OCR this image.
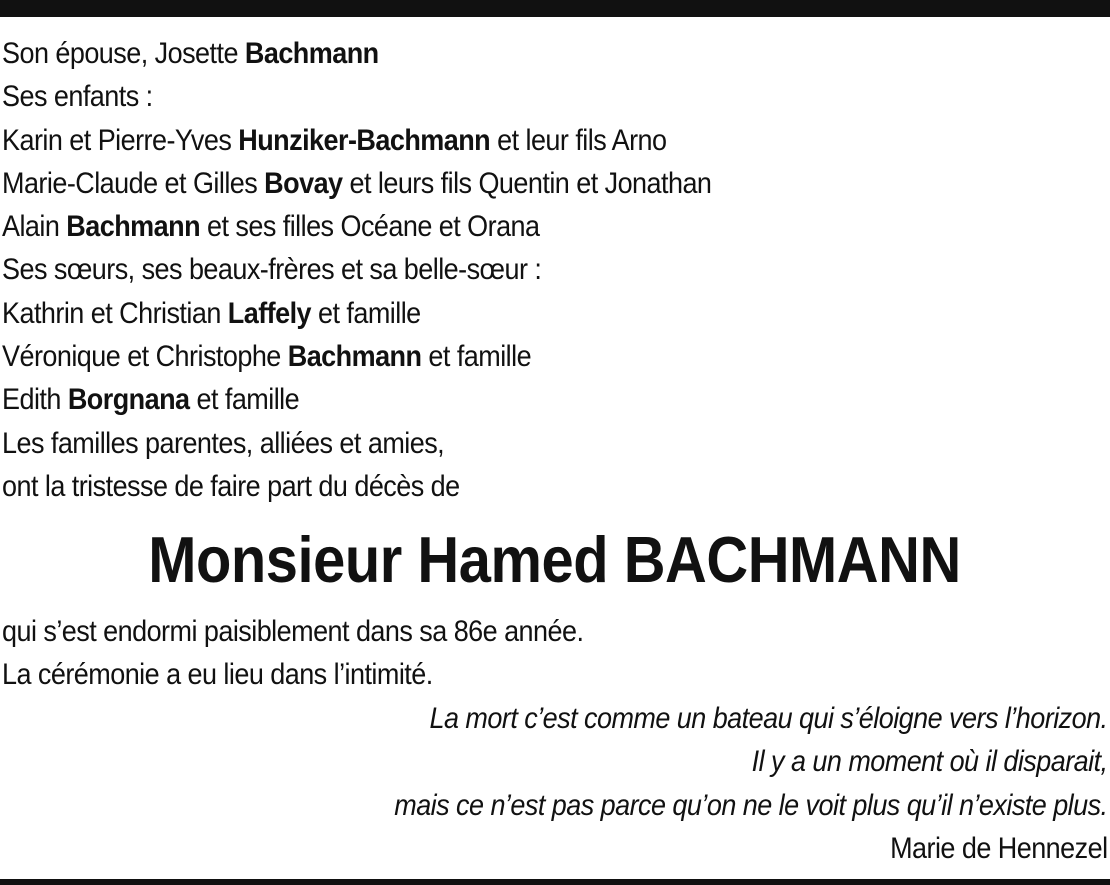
Son épouse, Josette Bachmann
Ses enfants :
Karin et Pierre-Yves Hunziker-Bachmann et leur fils Arno
Marie-Claude et Gilles Bovay et leurs fils Quentin et Jonathan
Alain Bachmann et ses filles Océane et Orana
Ses sœurs, ses beaux-frères et sa belle-sœur :
Kathrin et Christian Laffely et famille
Véronique et Christophe Bachmann et famille
Edith Borgnana et famille
Les familles parentes, alliées et amies,
ont la tristesse de faire part du décès de
Monsieur Hamed BACHMANN
qui s’est endormi paisiblement dans sa 86e année.
La cérémonie a eu lieu dans l’intimité.
La mort c’est comme un bateau qui s’éloigne vers l’horizon.
Il y a un moment où il disparait,
mais ce n’est pas parce qu’on ne le voit plus qu’il n’existe plus.
Marie de Hennezel
